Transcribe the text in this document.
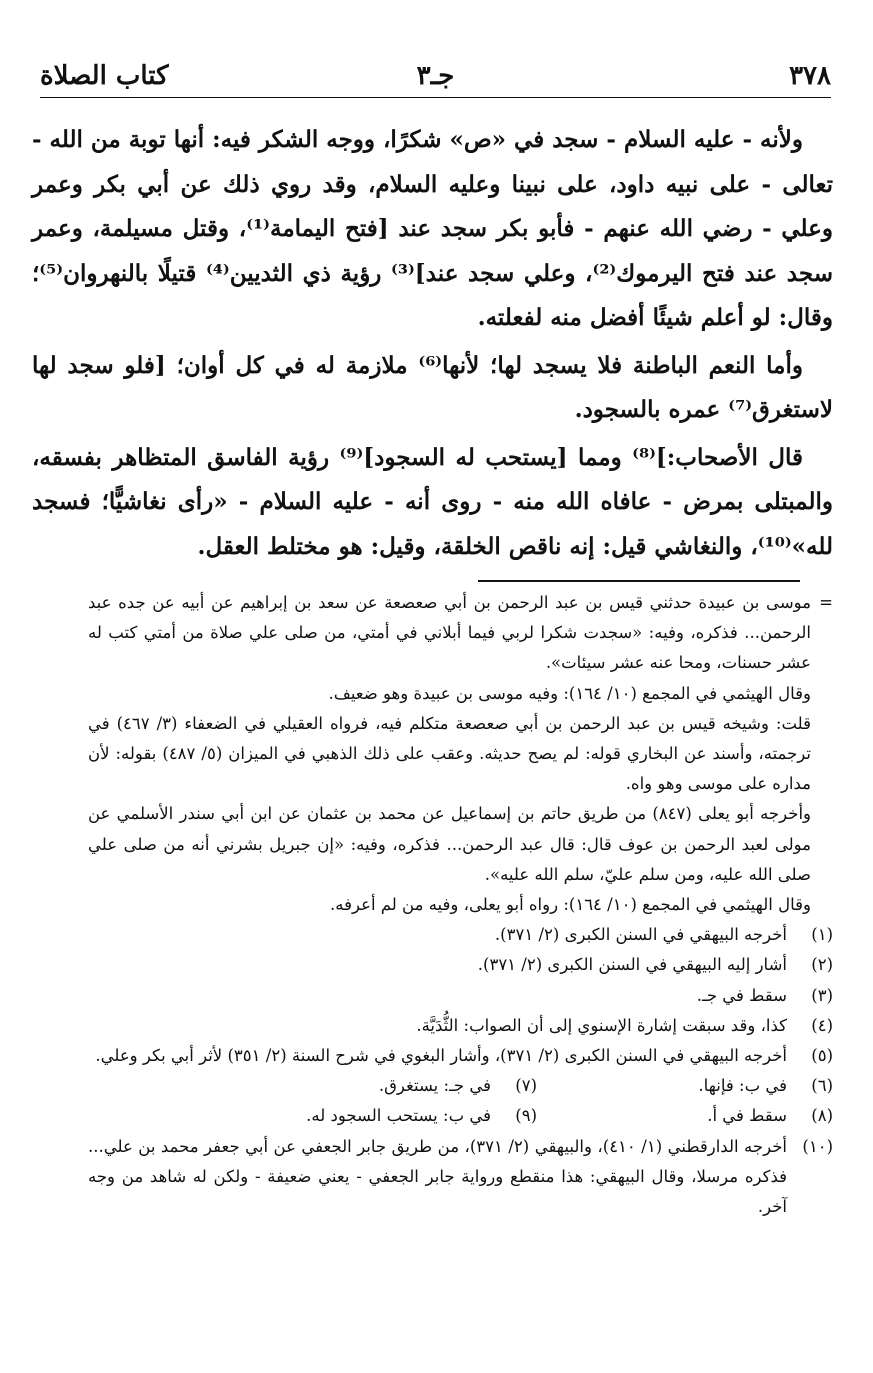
٣٧٨
جـ٣
كتاب الصلاة

ولأنه - عليه السلام - سجد في «ص» شكرًا، ووجه الشكر فيه: أنها توبة من الله - تعالى - على نبيه داود، على نبينا وعليه السلام، وقد روي ذلك عن أبي بكر وعمر وعلي - رضي الله عنهم - فأبو بكر سجد عند [فتح اليمامة⁽¹⁾، وقتل مسيلمة، وعمر سجد عند فتح اليرموك⁽²⁾، وعلي سجد عند]⁽³⁾ رؤية ذي الثديين⁽⁴⁾ قتيلًا بالنهروان⁽⁵⁾؛ وقال: لو أعلم شيئًا أفضل منه لفعلته.

وأما النعم الباطنة فلا يسجد لها؛ لأنها⁽⁶⁾ ملازمة له في كل أوان؛ [فلو سجد لها لاستغرق⁽⁷⁾ عمره بالسجود.

قال الأصحاب:]⁽⁸⁾ ومما [يستحب له السجود]⁽⁹⁾ رؤية الفاسق المتظاهر بفسقه، والمبتلى بمرض - عافاه الله منه - روى أنه - عليه السلام - «رأى نغاشيًّا؛ فسجد لله»⁽¹⁰⁾، والنغاشي قيل: إنه ناقص الخلقة، وقيل: هو مختلط العقل.

=
موسى بن عبيدة حدثني قيس بن عبد الرحمن بن أبي صعصعة عن سعد بن إبراهيم عن أبيه عن جده عبد الرحمن... فذكره، وفيه: «سجدت شكرا لربي فيما أبلاني في أمتي، من صلى علي صلاة من أمتي كتب له عشر حسنات، ومحا عنه عشر سيئات».
وقال الهيثمي في المجمع (١٠/ ١٦٤): وفيه موسى بن عبيدة وهو ضعيف.
قلت: وشيخه قيس بن عبد الرحمن بن أبي صعصعة متكلم فيه، فرواه العقيلي في الضعفاء (٣/ ٤٦٧) في ترجمته، وأسند عن البخاري قوله: لم يصح حديثه. وعقب على ذلك الذهبي في الميزان (٥/ ٤٨٧) بقوله: لأن مداره على موسى وهو واه.
وأخرجه أبو يعلى (٨٤٧) من طريق حاتم بن إسماعيل عن محمد بن عثمان عن ابن أبي سندر الأسلمي عن مولى لعبد الرحمن بن عوف قال: قال عبد الرحمن... فذكره، وفيه: «إن جبريل بشرني أنه من صلى علي صلى الله عليه، ومن سلم عليّ، سلم الله عليه».
وقال الهيثمي في المجمع (١٠/ ١٦٤): رواه أبو يعلى، وفيه من لم أعرفه.
(١)
أخرجه البيهقي في السنن الكبرى (٢/ ٣٧١).
(٢)
أشار إليه البيهقي في السنن الكبرى (٢/ ٣٧١).
(٣)
سقط في جـ.
(٤)
كذا، وقد سبقت إشارة الإسنوي إلى أن الصواب: الثُّدَيَّة.
(٥)
أخرجه البيهقي في السنن الكبرى (٢/ ٣٧١)، وأشار البغوي في شرح السنة (٢/ ٣٥١) لأثر أبي بكر وعلي.
(٦)
في ب: فإنها.
(٧)
في جـ: يستغرق.
(٨)
سقط في أ.
(٩)
في ب: يستحب السجود له.
(١٠)
أخرجه الدارقطني (١/ ٤١٠)، والبيهقي (٢/ ٣٧١)، من طريق جابر الجعفي عن أبي جعفر محمد بن علي... فذكره مرسلا، وقال البيهقي: هذا منقطع ورواية جابر الجعفي - يعني ضعيفة - ولكن له شاهد من وجه آخر.
